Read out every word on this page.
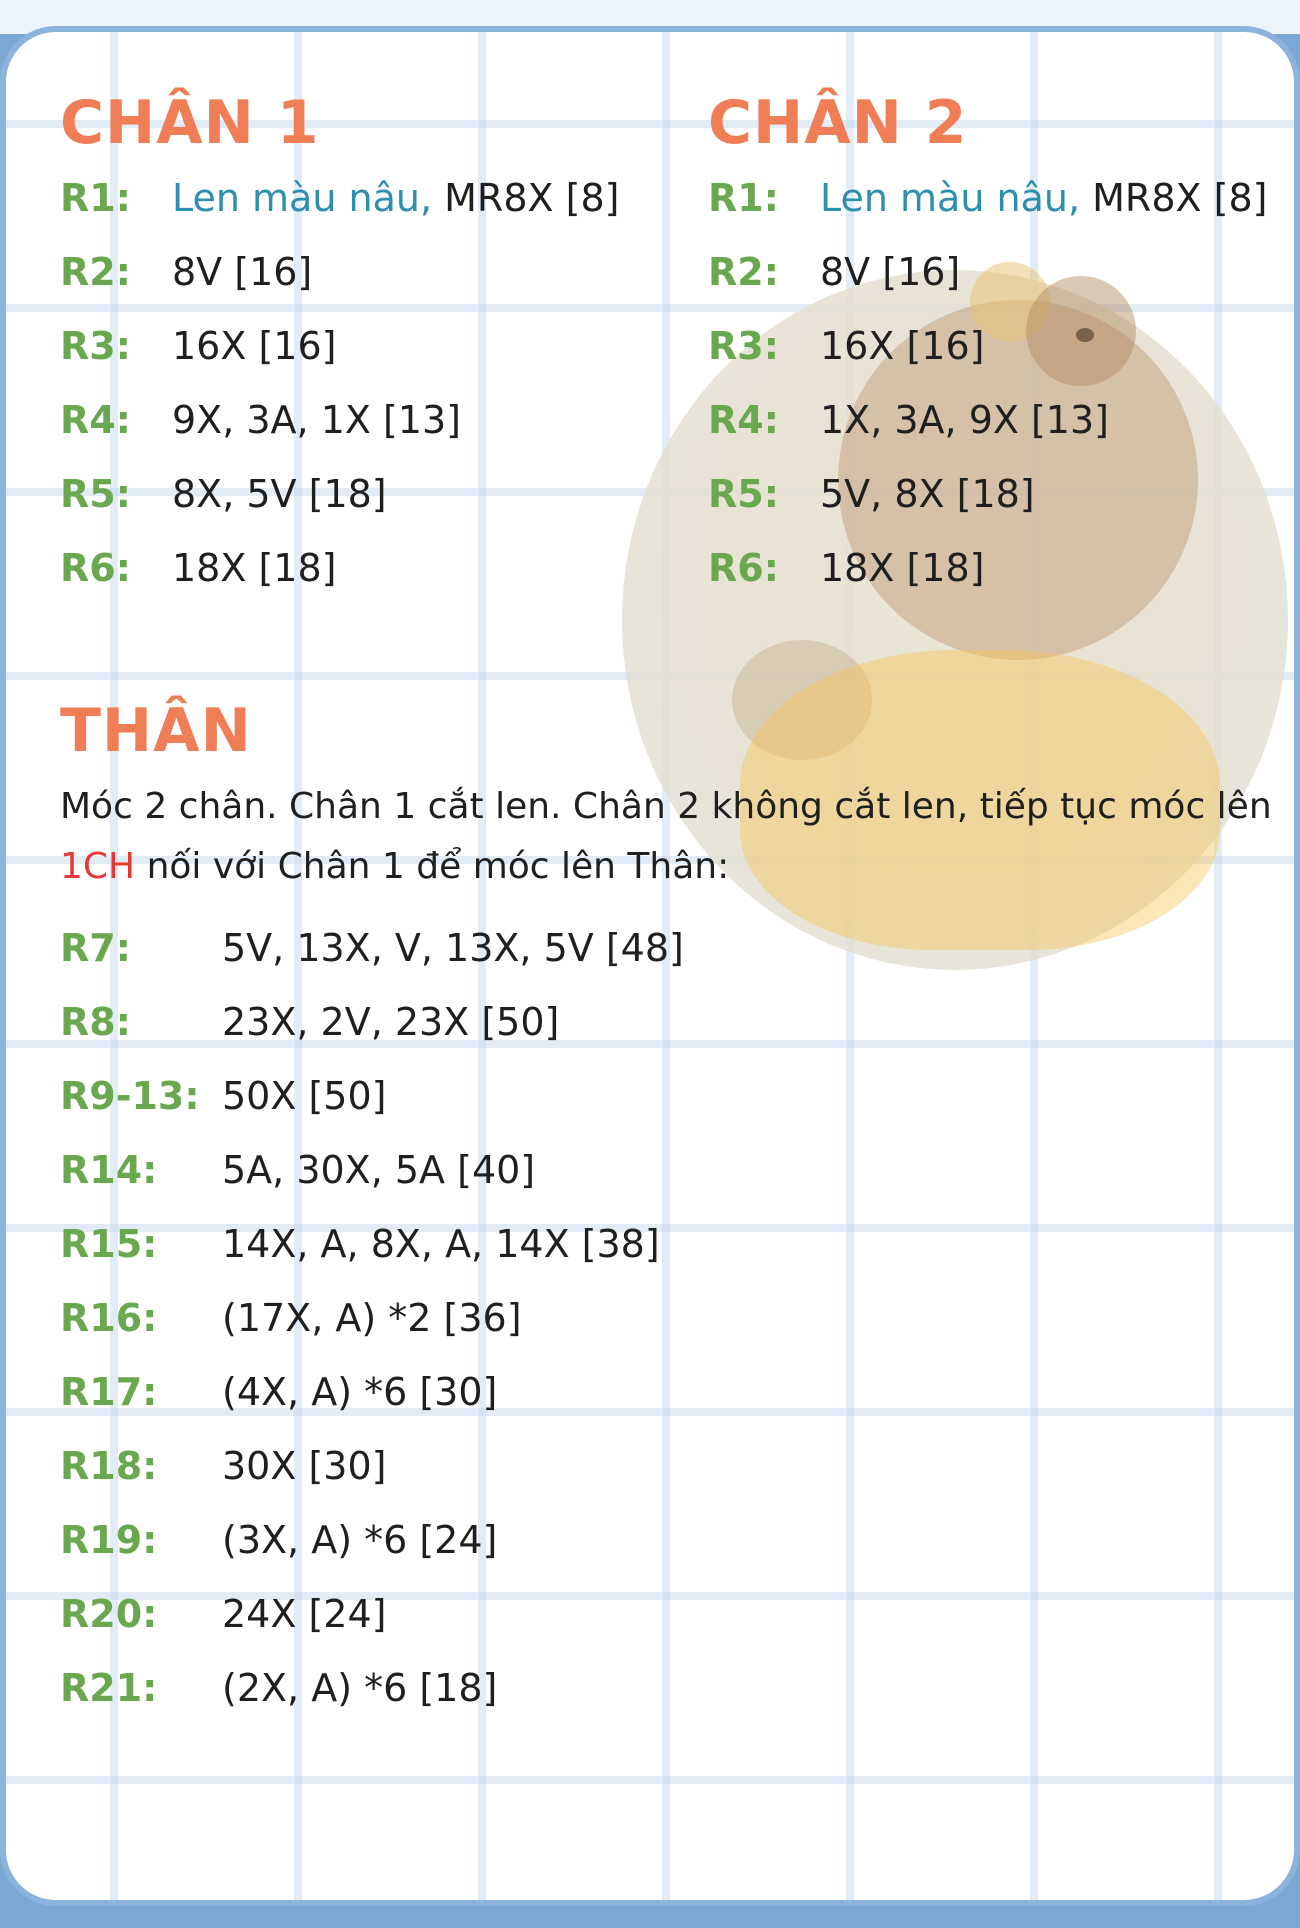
CHÂN 1
R1: Len màu nâu, MR8X [8]
R2: 8V [16]
R3: 16X [16]
R4: 9X, 3A, 1X [13]
R5: 8X, 5V [18]
R6: 18X [18]
CHÂN 2
R1: Len màu nâu, MR8X [8]
R2: 8V [16]
R3: 16X [16]
R4: 1X, 3A, 9X [13]
R5: 5V, 8X [18]
R6: 18X [18]
THÂN
Móc 2 chân. Chân 1 cắt len. Chân 2 không cắt len, tiếp tục móc lên
1CH nối với Chân 1 để móc lên Thân:
R7: 5V, 13X, V, 13X, 5V [48]
R8: 23X, 2V, 23X [50]
R9-13: 50X [50]
R14: 5A, 30X, 5A [40]
R15: 14X, A, 8X, A, 14X [38]
R16: (17X, A) *2 [36]
R17: (4X, A) *6 [30]
R18: 30X [30]
R19: (3X, A) *6 [24]
R20: 24X [24]
R21: (2X, A) *6 [18]
